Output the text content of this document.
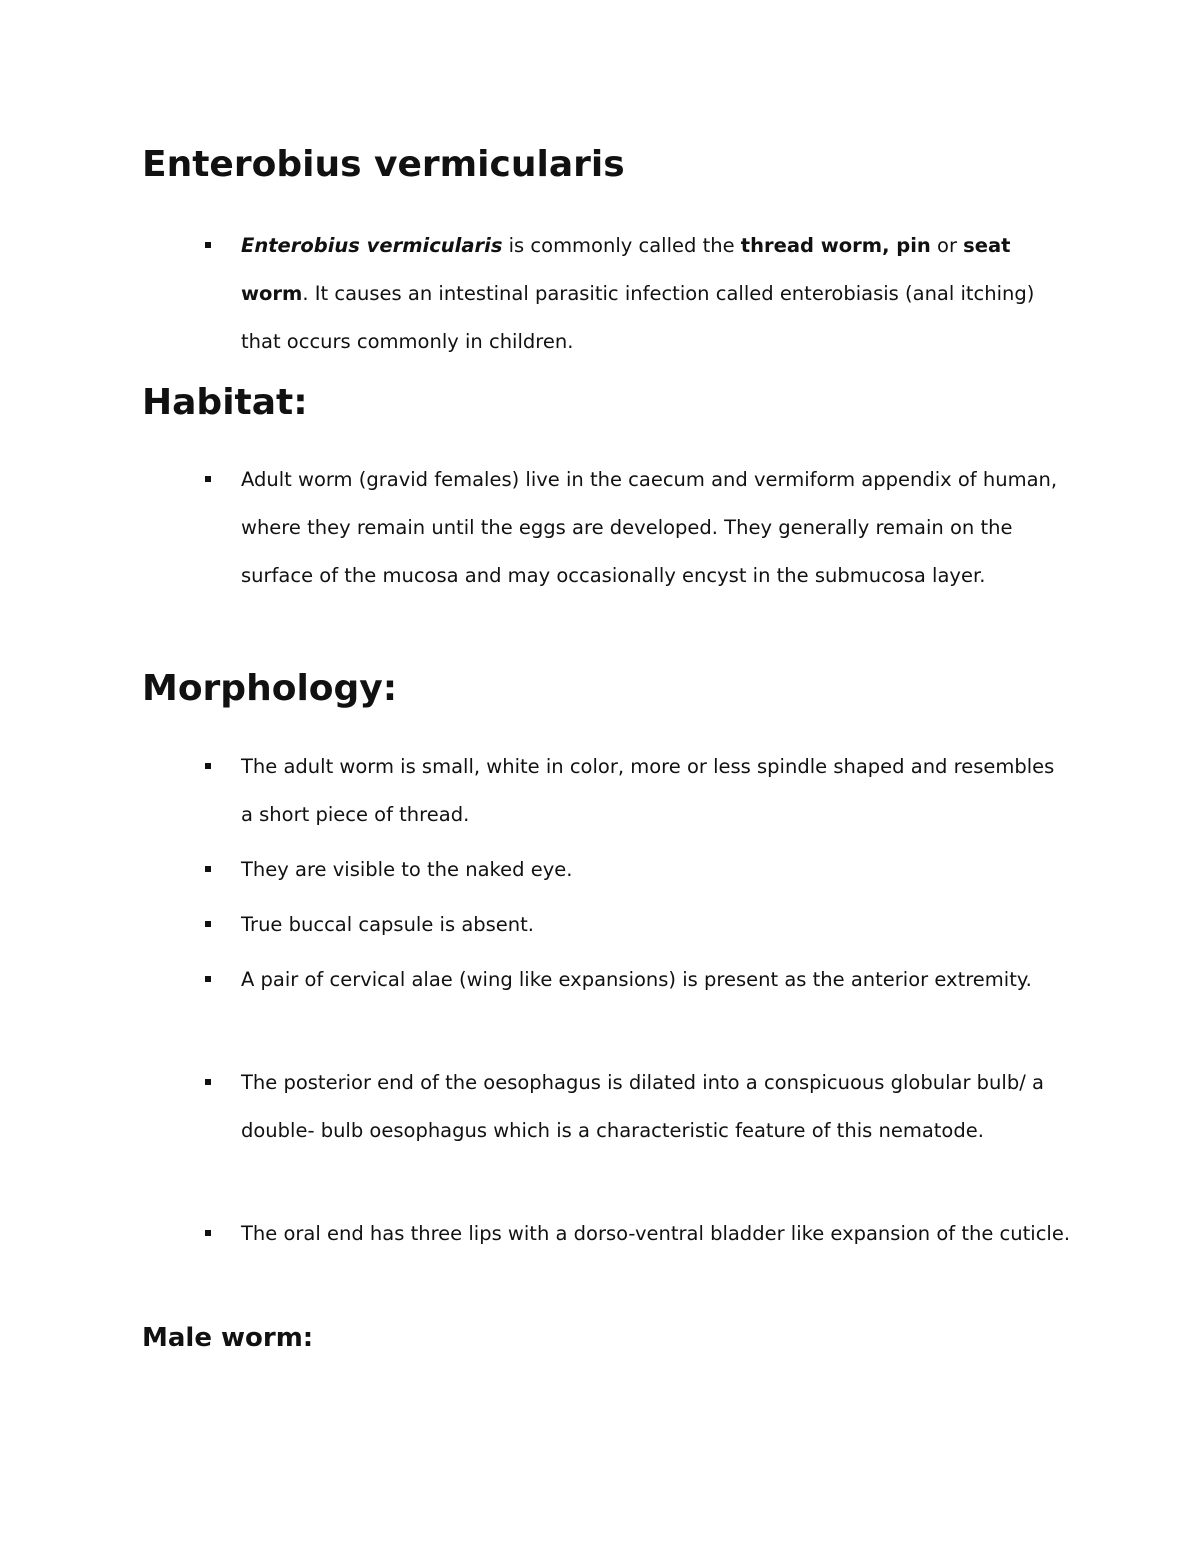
Enterobius vermicularis

Enterobius vermicularis is commonly called the thread worm, pin or seat worm. It causes an intestinal parasitic infection called enterobiasis (anal itching) that occurs commonly in children.

Habitat:

Adult worm (gravid females) live in the caecum and vermiform appendix of human, where they remain until the eggs are developed. They generally remain on the surface of the mucosa and may occasionally encyst in the submucosa layer.

Morphology:

The adult worm is small, white in color, more or less spindle shaped and resembles a short piece of thread.

They are visible to the naked eye.

True buccal capsule is absent.

A pair of cervical alae (wing like expansions) is present as the anterior extremity.

The posterior end of the oesophagus is dilated into a conspicuous globular bulb/ a double- bulb oesophagus which is a characteristic feature of this nematode.

The oral end has three lips with a dorso-ventral bladder like expansion of the cuticle.

Male worm:
